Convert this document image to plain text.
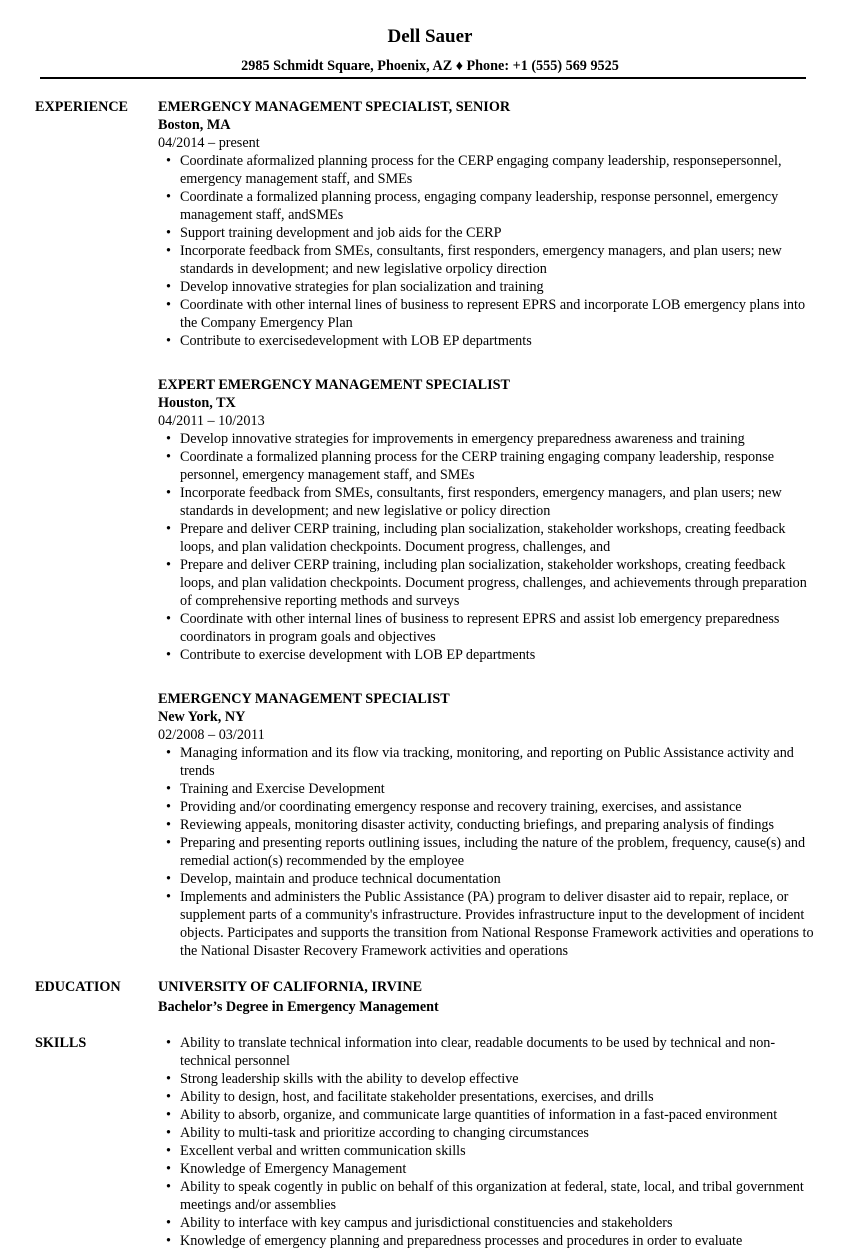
Dell Sauer
2985 Schmidt Square, Phoenix, AZ ♦ Phone: +1 (555) 569 9525
EXPERIENCE EMERGENCY MANAGEMENT SPECIALIST, SENIOR
Boston, MA
04/2014 – present
• Coordinate aformalized planning process for the CERP engaging company leadership, responsepersonnel, emergency management staff, and SMEs
• Coordinate a formalized planning process, engaging company leadership, response personnel, emergency management staff, andSMEs
• Support training development and job aids for the CERP
• Incorporate feedback from SMEs, consultants, first responders, emergency managers, and plan users; new standards in development; and new legislative orpolicy direction
• Develop innovative strategies for plan socialization and training
• Coordinate with other internal lines of business to represent EPRS and incorporate LOB emergency plans into the Company Emergency Plan
• Contribute to exercisedevelopment with LOB EP departments
EXPERT EMERGENCY MANAGEMENT SPECIALIST
Houston, TX
04/2011 – 10/2013
• Develop innovative strategies for improvements in emergency preparedness awareness and training
• Coordinate a formalized planning process for the CERP training engaging company leadership, response personnel, emergency management staff, and SMEs
• Incorporate feedback from SMEs, consultants, first responders, emergency managers, and plan users; new standards in development; and new legislative or policy direction
• Prepare and deliver CERP training, including plan socialization, stakeholder workshops, creating feedback loops, and plan validation checkpoints. Document progress, challenges, and
• Prepare and deliver CERP training, including plan socialization, stakeholder workshops, creating feedback loops, and plan validation checkpoints. Document progress, challenges, and achievements through preparation of comprehensive reporting methods and surveys
• Coordinate with other internal lines of business to represent EPRS and assist lob emergency preparedness coordinators in program goals and objectives
• Contribute to exercise development with LOB EP departments
EMERGENCY MANAGEMENT SPECIALIST
New York, NY
02/2008 – 03/2011
• Managing information and its flow via tracking, monitoring, and reporting on Public Assistance activity and trends
• Training and Exercise Development
• Providing and/or coordinating emergency response and recovery training, exercises, and assistance
• Reviewing appeals, monitoring disaster activity, conducting briefings, and preparing analysis of findings
• Preparing and presenting reports outlining issues, including the nature of the problem, frequency, cause(s) and remedial action(s) recommended by the employee
• Develop, maintain and produce technical documentation
• Implements and administers the Public Assistance (PA) program to deliver disaster aid to repair, replace, or supplement parts of a community's infrastructure. Provides infrastructure input to the development of incident objects. Participates and supports the transition from National Response Framework activities and operations to the National Disaster Recovery Framework activities and operations
EDUCATION	UNIVERSITY OF CALIFORNIA, IRVINE
Bachelor’s Degree in Emergency Management
SKILLS
•	Ability to translate technical information into clear, readable documents to be used by technical and non-technical personnel
• Strong leadership skills with the ability to develop effective
• Ability to design, host, and facilitate stakeholder presentations, exercises, and drills
• Ability to absorb, organize, and communicate large quantities of information in a fast-paced environment
• Ability to multi-task and prioritize according to changing circumstances
• Excellent verbal and written communication skills
• Knowledge of Emergency Management
• Ability to speak cogently in public on behalf of this organization at federal, state, local, and tribal government meetings and/or assemblies
• Ability to interface with key campus and jurisdictional constituencies and stakeholders
• Knowledge of emergency planning and preparedness processes and procedures in order to evaluate
